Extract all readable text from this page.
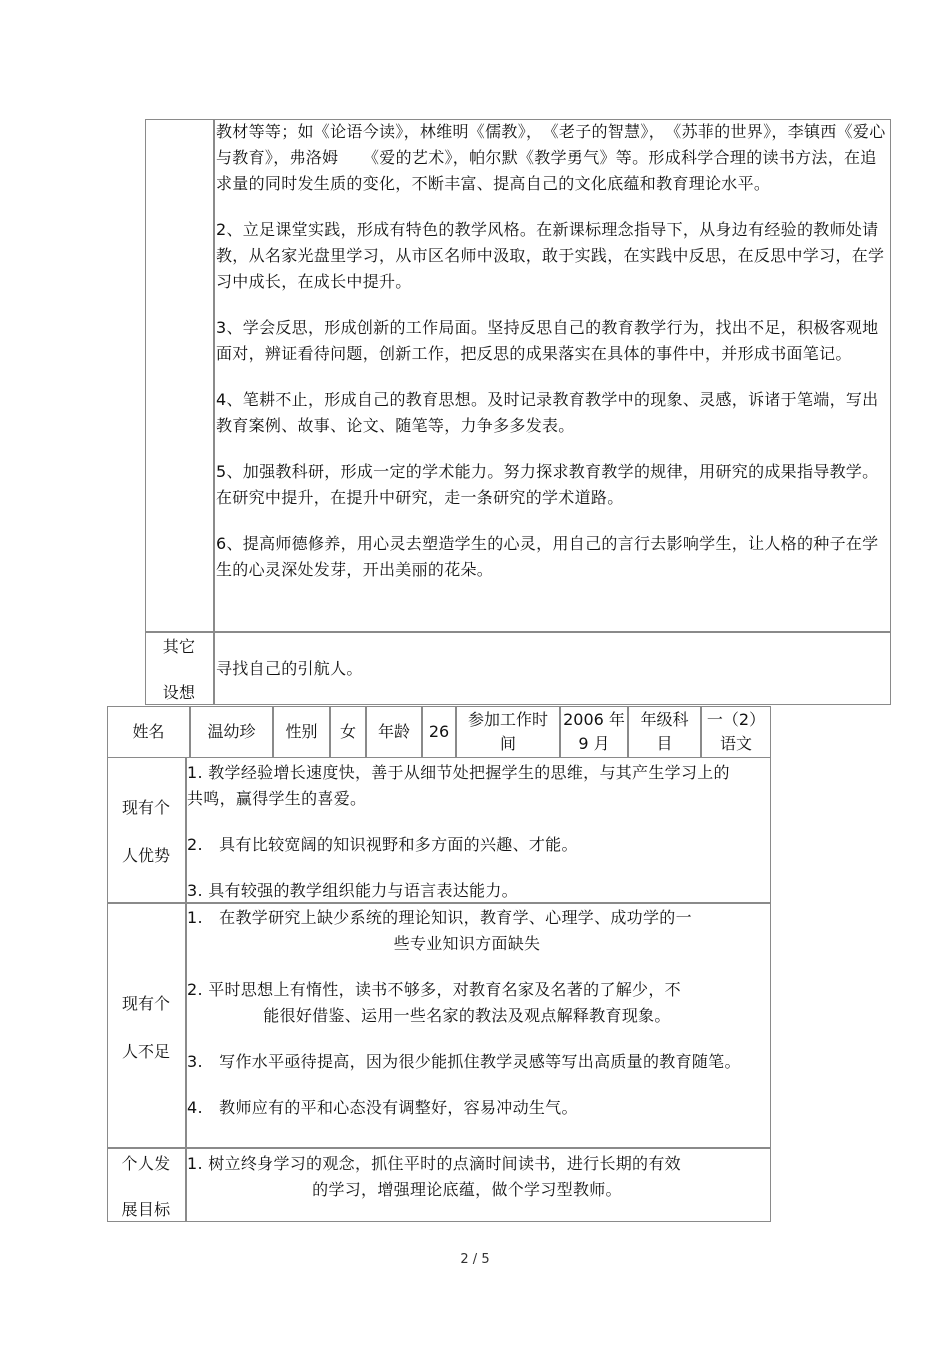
教材等等；如《论语今读》，林维明《儒教》，　《老子的智慧》，　《苏菲的世界》，李镇西《爱心与教育》，弗洛姆　　《爱的艺术》，帕尔默《教学勇气》等。形成科学合理的读书方法，在追求量的同时发生质的变化，不断丰富、提高自己的文化底蕴和教育理论水平。

2、立足课堂实践，形成有特色的教学风格。在新课标理念指导下，从身边有经验的教师处请教，从名家光盘里学习，从市区名师中汲取，敢于实践，在实践中反思，在反思中学习，在学习中成长，在成长中提升。

3、学会反思，形成创新的工作局面。坚持反思自己的教育教学行为，找出不足，积极客观地面对，辨证看待问题，创新工作，把反思的成果落实在具体的事件中，并形成书面笔记。

4、笔耕不止，形成自己的教育思想。及时记录教育教学中的现象、灵感，诉诸于笔端，写出教育案例、故事、论文、随笔等，力争多多发表。

5、加强教科研，形成一定的学术能力。努力探求教育教学的规律，用研究的成果指导教学。在研究中提升，在提升中研究，走一条研究的学术道路。

6、提高师德修养，用心灵去塑造学生的心灵，用自己的言行去影响学生，让人格的种子在学生的心灵深处发芽，开出美丽的花朵。

其它
设想
寻找自己的引航人。
姓名	温幼珍 性别 女 年龄 26
参加工作时
间
2006 年
9 月
年级科
目
一（2）
语文
现有个
人优势

1. 教学经验增长速度快，善于从细节处把握学生的思维，与其产生学习上的共鸣，赢得学生的喜爱。

2.　具有比较宽阔的知识视野和多方面的兴趣、才能。

3. 具有较强的教学组织能力与语言表达能力。

现有个
人不足

1.　在教学研究上缺少系统的理论知识，教育学、心理学、成功学的一

些专业知识方面缺失

2. 平时思想上有惰性，读书不够多，对教育名家及名著的了解少，不

能很好借鉴、运用一些名家的教法及观点解释教育现象。

3.　写作水平亟待提高，因为很少能抓住教学灵感等写出高质量的教育随笔。

4.　教师应有的平和心态没有调整好，容易冲动生气。

个人发
展目标

1. 树立终身学习的观念，抓住平时的点滴时间读书，进行长期的有效

的学习，增强理论底蕴，做个学习型教师。

2 / 5
